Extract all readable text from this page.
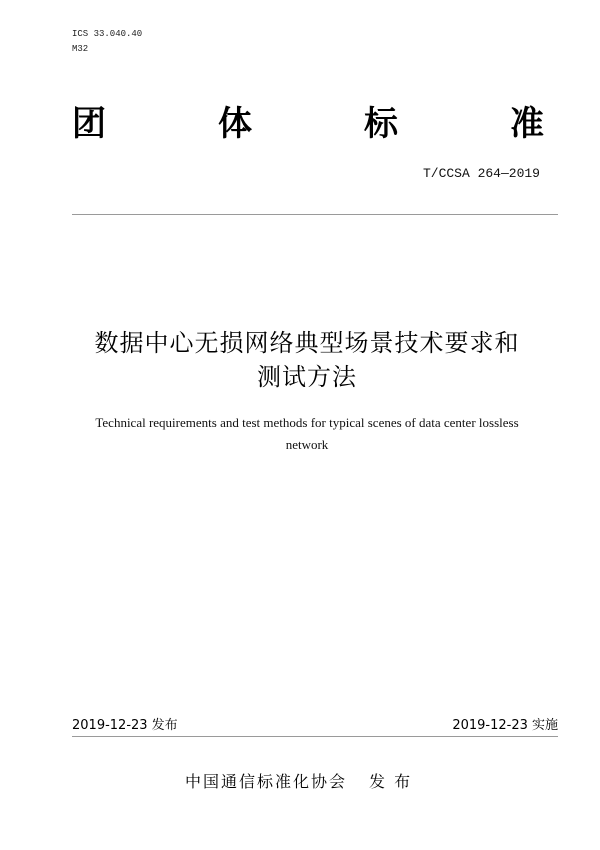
ICS 33.040.40
M32
团	体	标	准
T/CCSA 264—2019
数据中心无损网络典型场景技术要求和
测试方法
Technical requirements and test methods for typical scenes of data center lossless
network
2019-12-23 发布	2019-12-23 实施
中国通信标准化协会 发 布
